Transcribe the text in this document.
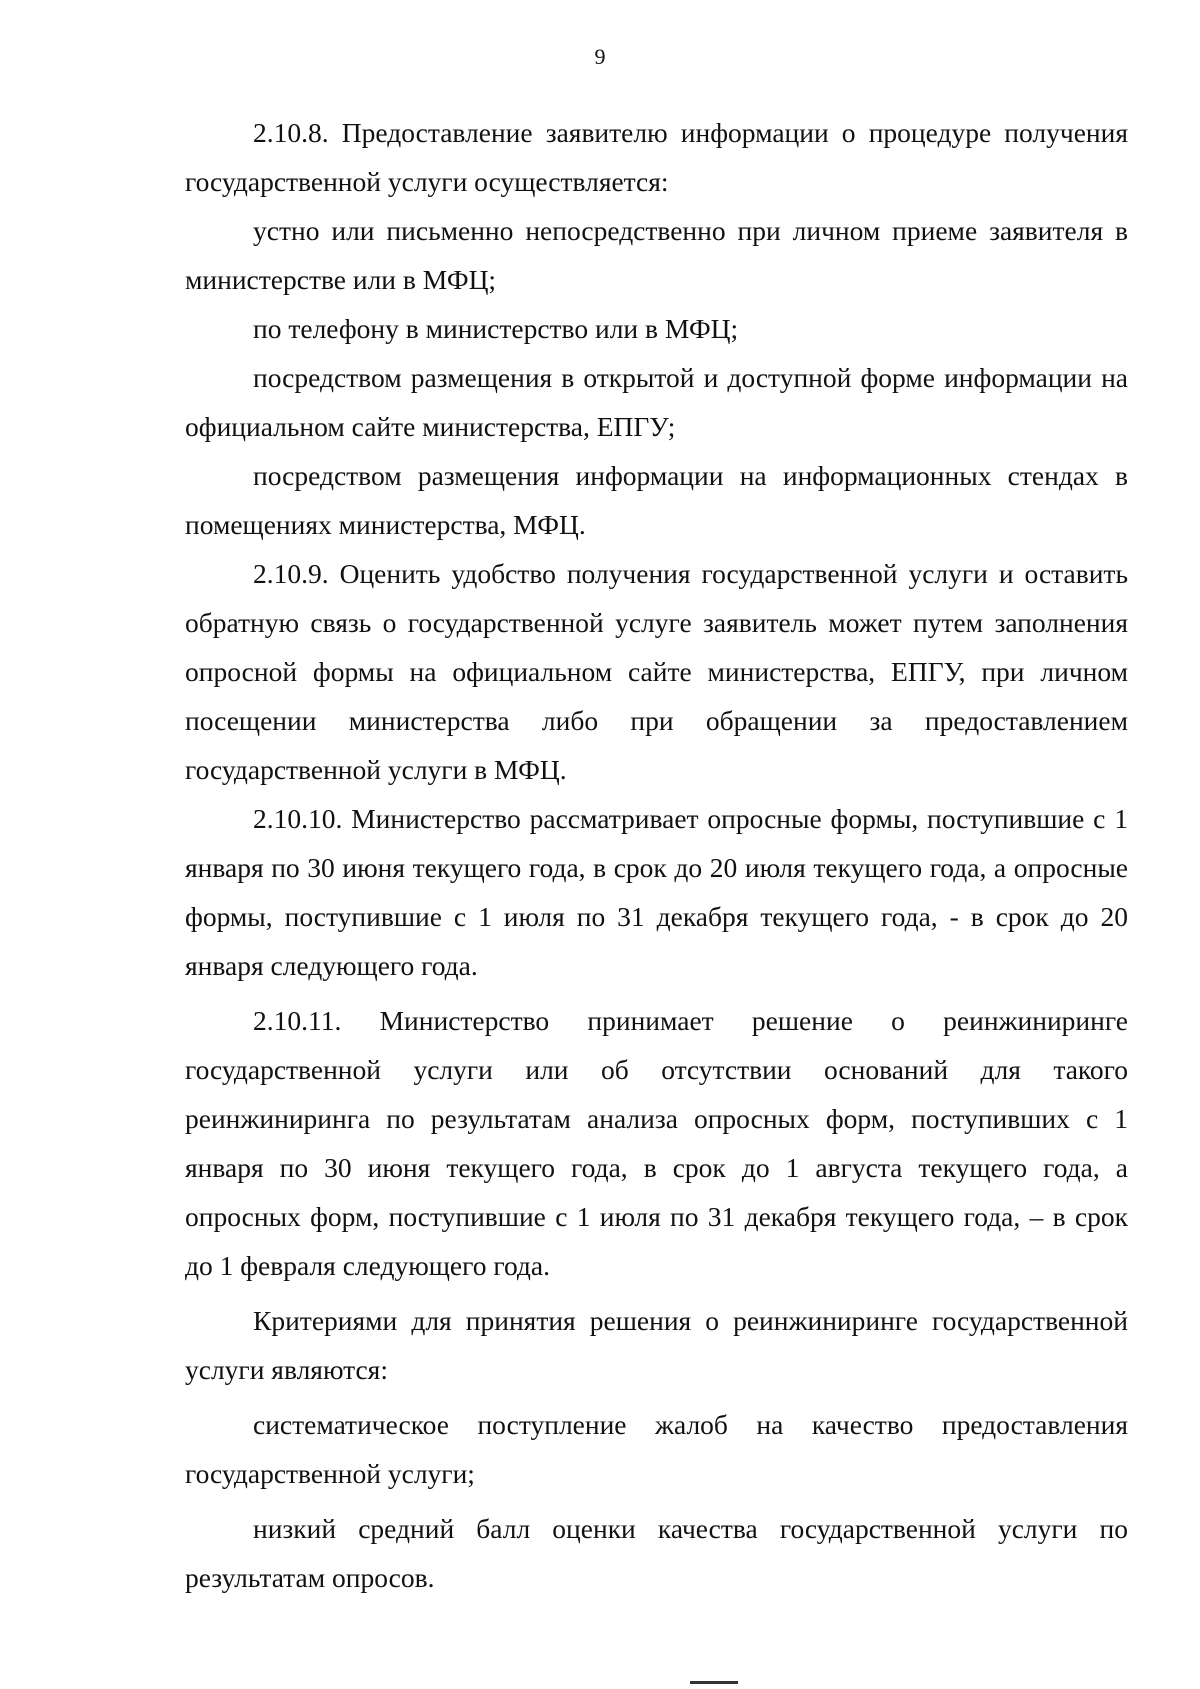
9

2.10.8. Предоставление заявителю информации о процедуре получения государственной услуги осуществляется:

устно или письменно непосредственно при личном приеме заявителя в министерстве или в МФЦ;

по телефону в министерство или в МФЦ;

посредством размещения в открытой и доступной форме информации на официальном сайте министерства, ЕПГУ;

посредством размещения информации на информационных стендах в помещениях министерства, МФЦ.

2.10.9. Оценить удобство получения государственной услуги и оставить обратную связь о государственной услуге заявитель может путем заполнения опросной формы на официальном сайте министерства, ЕПГУ, при личном посещении министерства либо при обращении за предоставлением государственной услуги в МФЦ.

2.10.10. Министерство рассматривает опросные формы, поступившие с 1 января по 30 июня текущего года, в срок до 20 июля текущего года, а опросные формы, поступившие с 1 июля по 31 декабря текущего года, - в срок до 20 января следующего года.

2.10.11. Министерство принимает решение о реинжиниринге государственной услуги или об отсутствии оснований для такого реинжиниринга по результатам анализа опросных форм, поступивших с 1 января по 30 июня текущего года, в срок до 1 августа текущего года, а опросных форм, поступившие с 1 июля по 31 декабря текущего года, – в срок до 1 февраля следующего года.

Критериями для принятия решения о реинжиниринге государственной услуги являются:

систематическое поступление жалоб на качество предоставления государственной услуги;

низкий средний балл оценки качества государственной услуги по результатам опросов.
